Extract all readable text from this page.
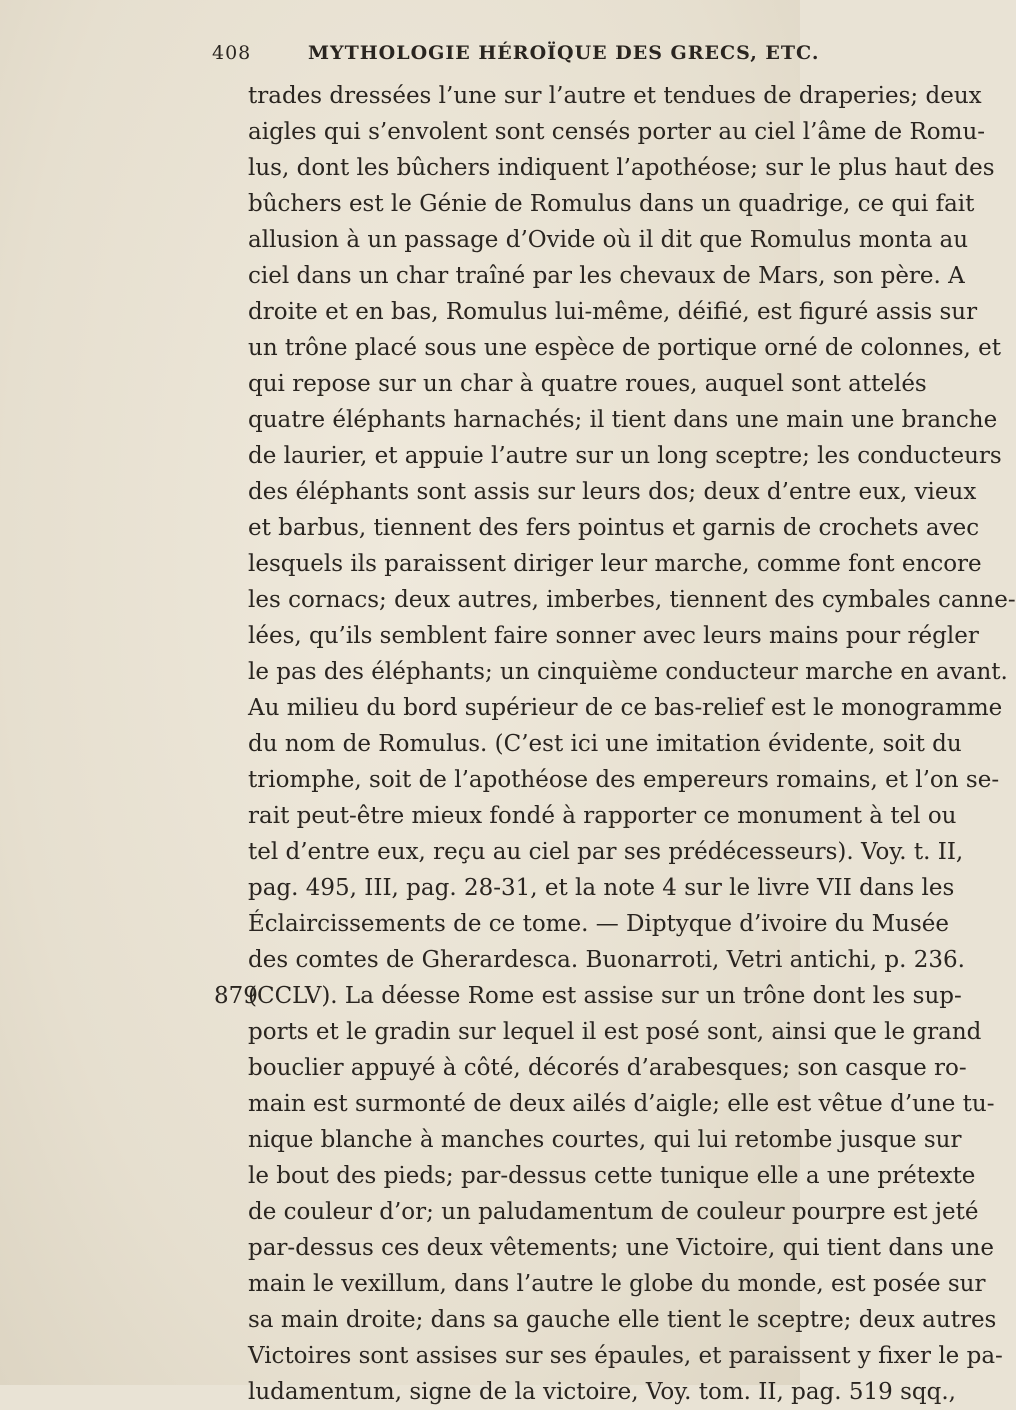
408	MYTHOLOGIE HÉROÏQUE DES GRECS, ETC.
trades dressées l’une sur l’autre et tendues de draperies; deux
aigles qui s’envolent sont censés porter au ciel l’âme de Romu-
lus, dont les bûchers indiquent l’apothéose; sur le plus haut des
bûchers est le Génie de Romulus dans un quadrige, ce qui fait
allusion à un passage d’Ovide où il dit que Romulus monta au
ciel dans un char traîné par les chevaux de Mars, son père. A
droite et en bas, Romulus lui-même, déifié, est figuré assis sur
un trône placé sous une espèce de portique orné de colonnes, et
qui repose sur un char à quatre roues, auquel sont attelés
quatre éléphants harnachés; il tient dans une main une branche
de laurier, et appuie l’autre sur un long sceptre; les conducteurs
des éléphants sont assis sur leurs dos; deux d’entre eux, vieux
et barbus, tiennent des fers pointus et garnis de crochets avec
lesquels ils paraissent diriger leur marche, comme font encore
les cornacs; deux autres, imberbes, tiennent des cymbales canne-
lées, qu’ils semblent faire sonner avec leurs mains pour régler
le pas des éléphants; un cinquième conducteur marche en avant.
Au milieu du bord supérieur de ce bas-relief est le monogramme
du nom de Romulus. (C’est ici une imitation évidente, soit du
triomphe, soit de l’apothéose des empereurs romains, et l’on se-
rait peut-être mieux fondé à rapporter ce monument à tel ou
tel d’entre eux, reçu au ciel par ses prédécesseurs). Voy. t. II,
pag. 495, III, pag. 28-31, et la note 4 sur le livre VII dans les
Éclaircissements de ce tome. — Diptyque d’ivoire du Musée
des comtes de Gherardesca. Buonarroti, Vetri antichi, p. 236.
879
(CCLV). La déesse Rome est assise sur un trône dont les sup-
ports et le gradin sur lequel il est posé sont, ainsi que le grand
bouclier appuyé à côté, décorés d’arabesques; son casque ro-
main est surmonté de deux ailés d’aigle; elle est vêtue d’une tu-
nique blanche à manches courtes, qui lui retombe jusque sur
le bout des pieds; par-dessus cette tunique elle a une prétexte
de couleur d’or; un paludamentum de couleur pourpre est jeté
par-dessus ces deux vêtements; une Victoire, qui tient dans une
main le vexillum, dans l’autre le globe du monde, est posée sur
sa main droite; dans sa gauche elle tient le sceptre; deux autres
Victoires sont assises sur ses épaules, et paraissent y fixer le pa-
ludamentum, signe de la victoire, Voy. tom. II, pag. 519 sqq.,
